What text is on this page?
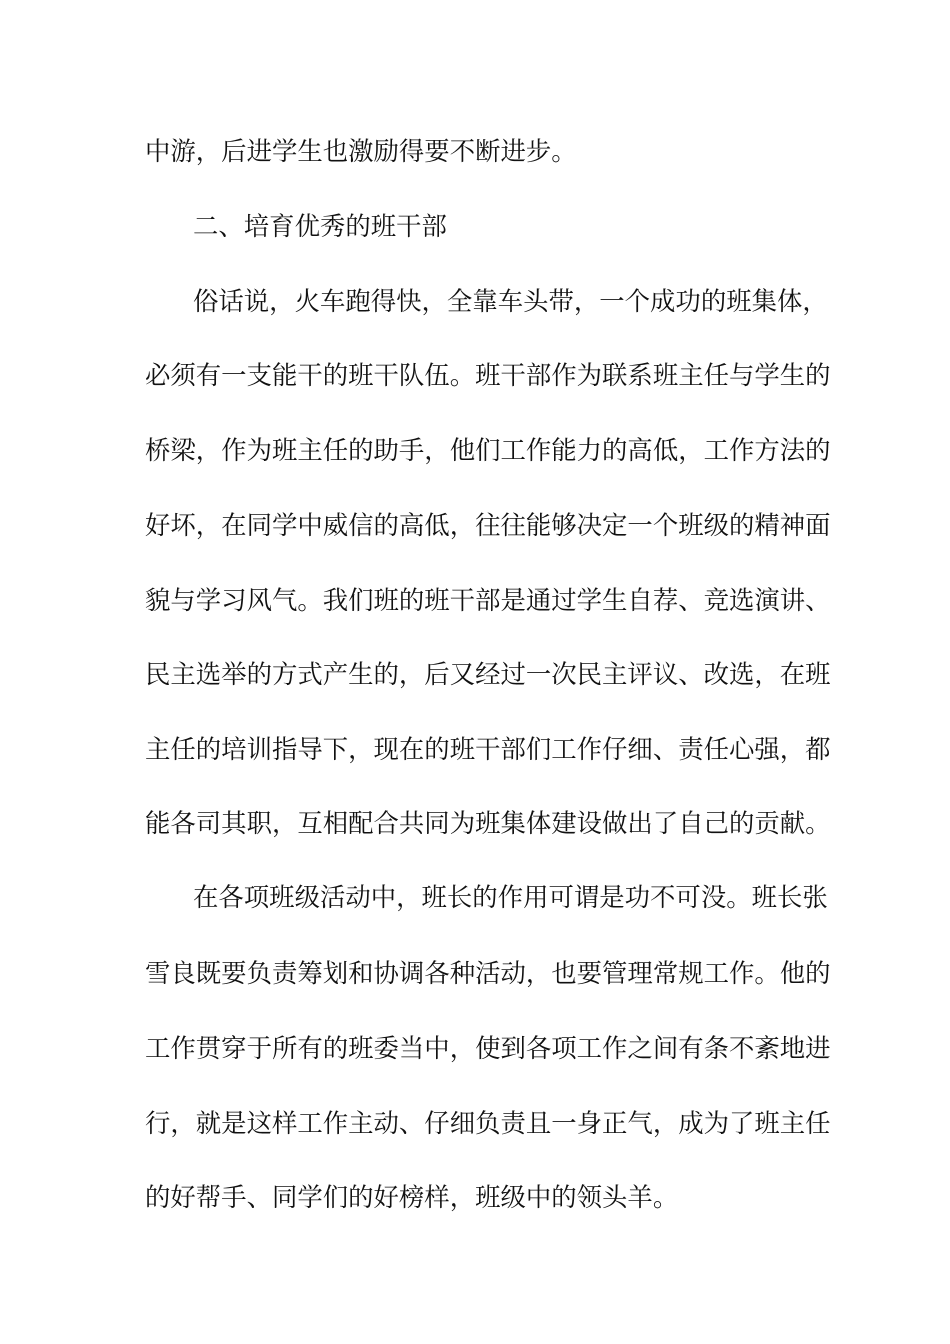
中游，后进学生也激励得要不断进步。
二、培育优秀的班干部
俗话说，火车跑得快，全靠车头带，一个成功的班集体，
必须有一支能干的班干队伍。班干部作为联系班主任与学生的
桥梁，作为班主任的助手，他们工作能力的高低，工作方法的
好坏，在同学中威信的高低，往往能够决定一个班级的精神面
貌与学习风气。我们班的班干部是通过学生自荐、竞选演讲、
民主选举的方式产生的，后又经过一次民主评议、改选，在班
主任的培训指导下，现在的班干部们工作仔细、责任心强，都
能各司其职，互相配合共同为班集体建设做出了自己的贡献。
在各项班级活动中，班长的作用可谓是功不可没。班长张
雪良既要负责筹划和协调各种活动，也要管理常规工作。他的
工作贯穿于所有的班委当中，使到各项工作之间有条不紊地进
行，就是这样工作主动、仔细负责且一身正气，成为了班主任
的好帮手、同学们的好榜样，班级中的领头羊。
